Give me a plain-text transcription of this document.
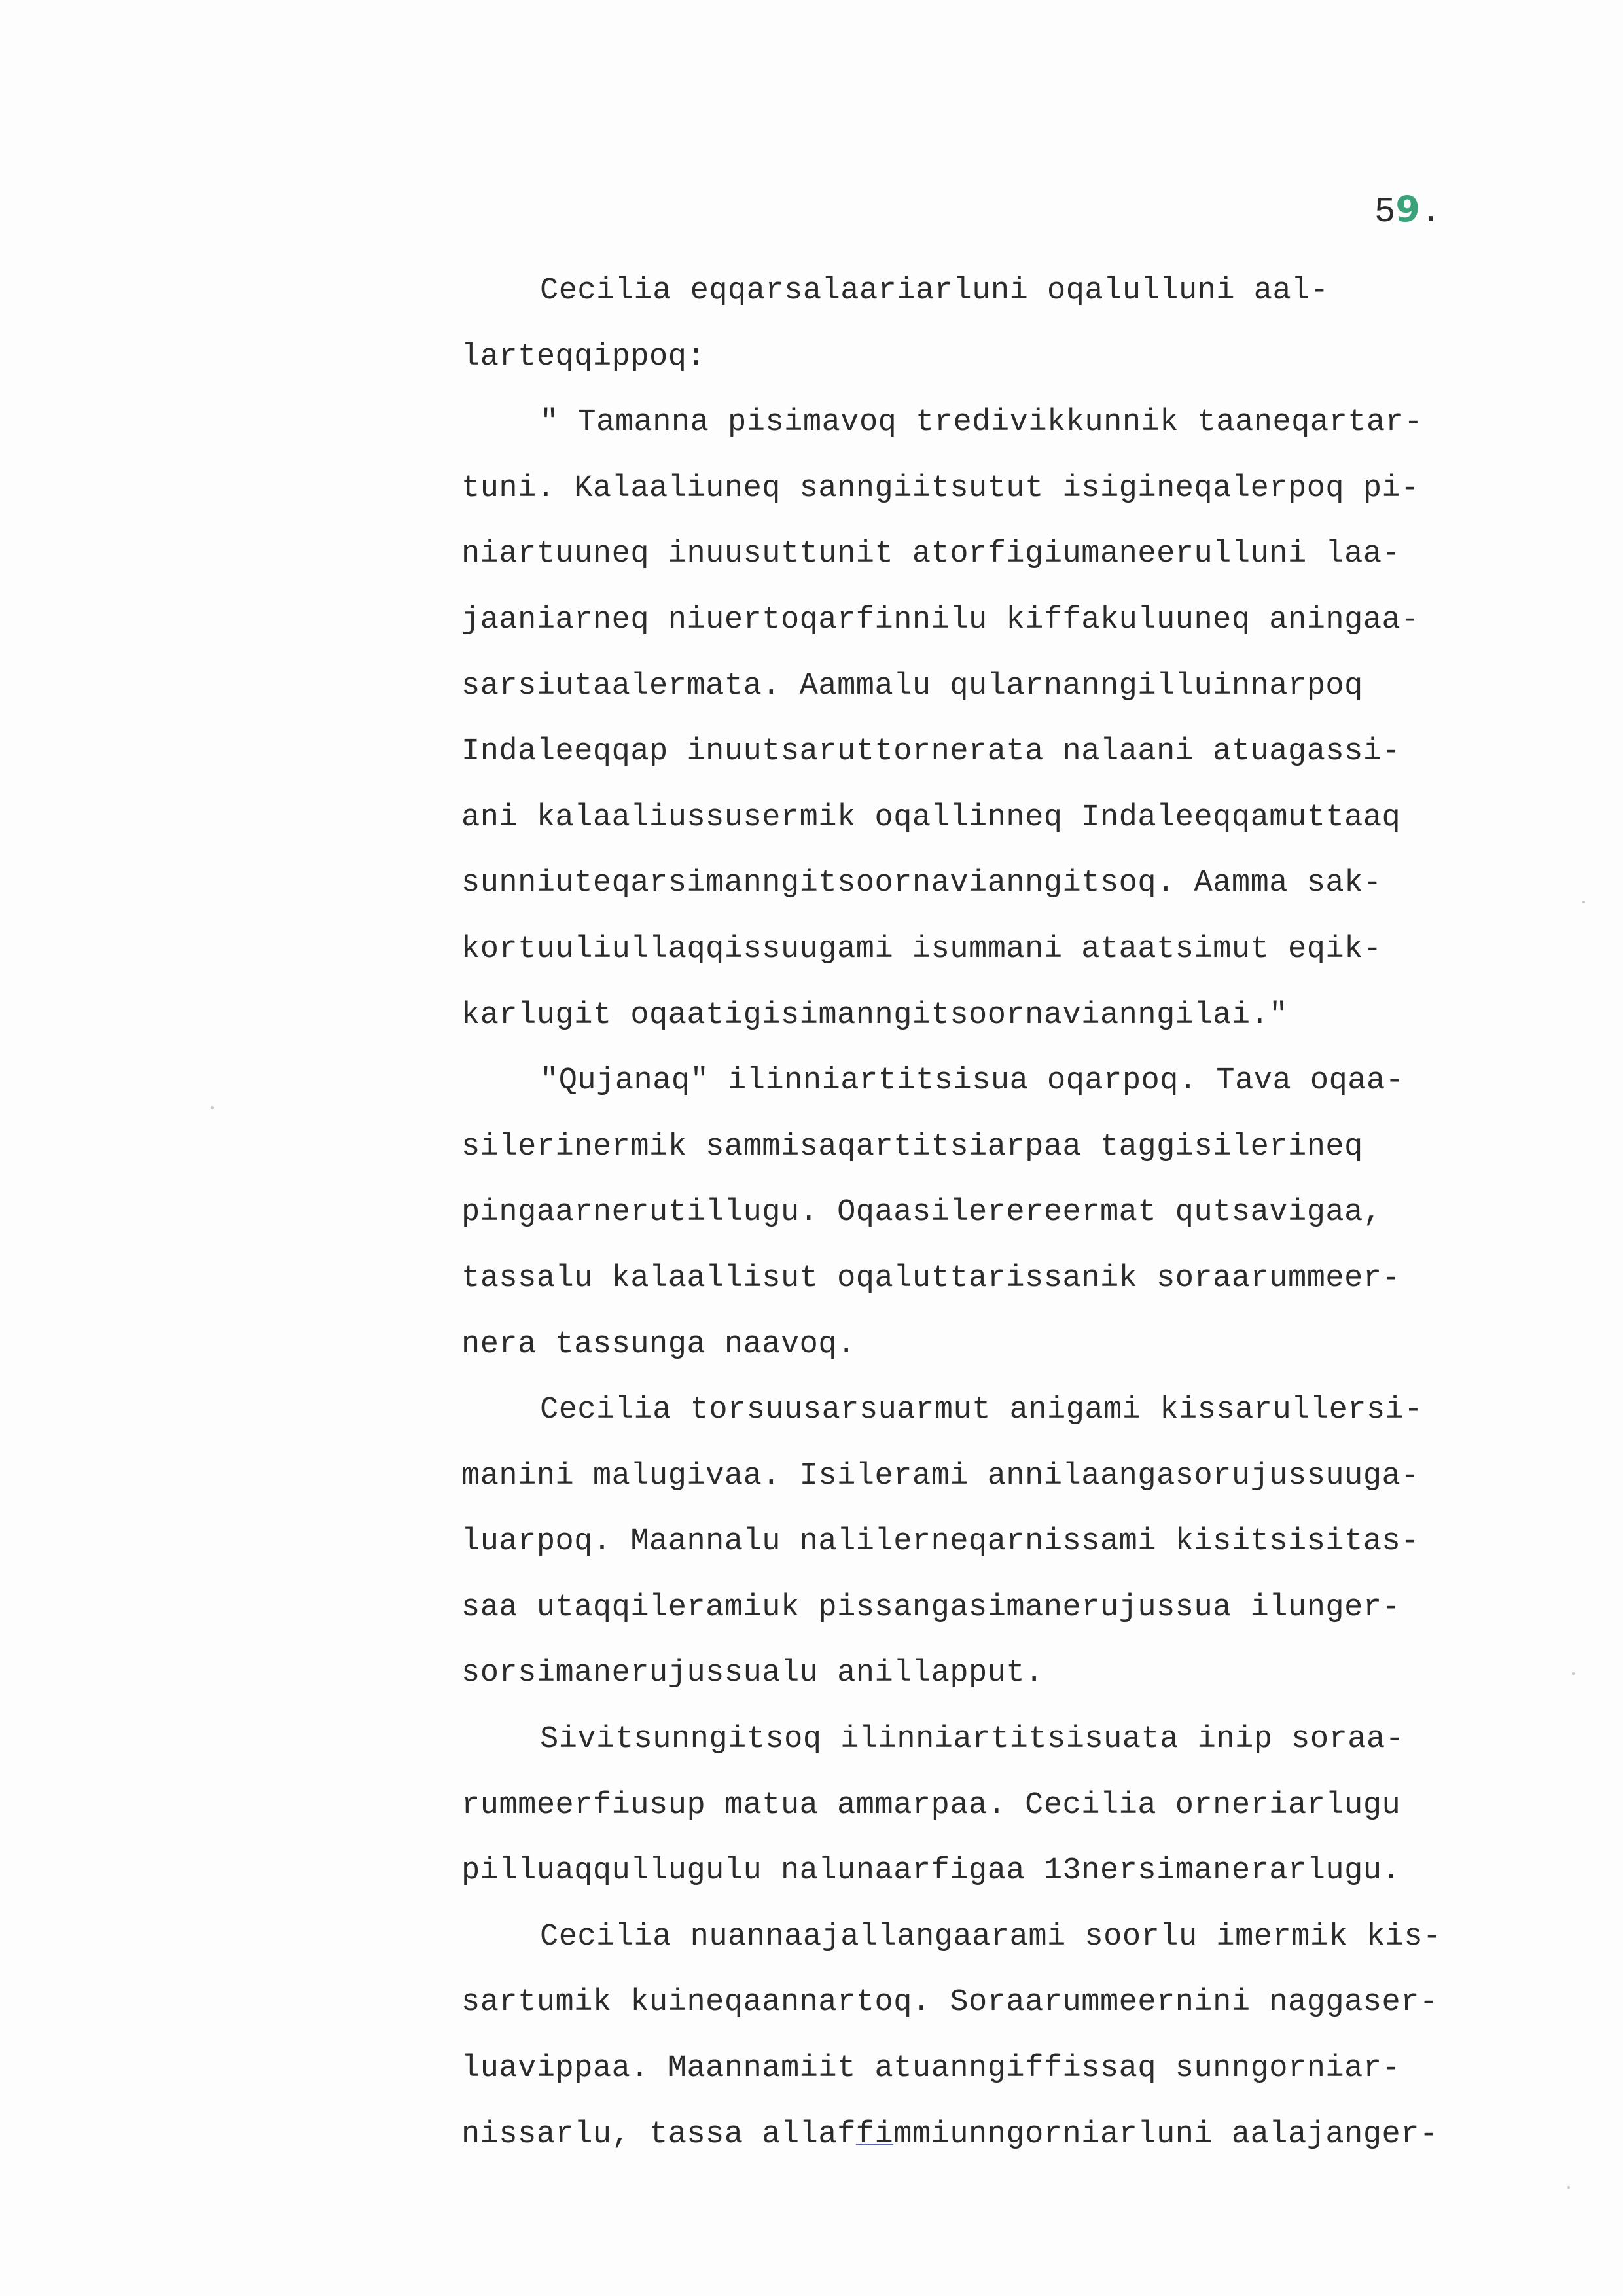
59.
Cecilia eqqarsalaariarluni oqalulluni aal-
larteqqippoq:
" Tamanna pisimavoq tredivikkunnik taaneqartar-
tuni. Kalaaliuneq sanngiitsutut isigineqalerpoq pi-
niartuuneq inuusuttunit atorfigiumaneerulluni laa-
jaaniarneq niuertoqarfinnilu kiffakuluuneq aningaa-
sarsiutaalermata. Aammalu qularnanngilluinnarpoq
Indaleeqqap inuutsaruttornerata nalaani atuagassi-
ani kalaaliussusermik oqallinneq Indaleeqqamuttaaq
sunniuteqarsimanngitsoornavianngitsoq. Aamma sak-
kortuuliullaqqissuugami isummani ataatsimut eqik-
karlugit oqaatigisimanngitsoornavianngilai."
"Qujanaq" ilinniartitsisua oqarpoq. Tava oqaa-
silerinermik sammisaqartitsiarpaa taggisilerineq
pingaarnerutillugu. Oqaasilerereermat qutsavigaa,
tassalu kalaallisut oqaluttarissanik soraarummeer-
nera tassunga naavoq.
Cecilia torsuusarsuarmut anigami kissarullersi-
manini malugivaa. Isilerami annilaangasorujussuuga-
luarpoq. Maannalu nalilerneqarnissami kisitsisitas-
saa utaqqileramiuk pissangasimanerujussua ilunger-
sorsimanerujussualu anillapput.
Sivitsunngitsoq ilinniartitsisuata inip soraa-
rummeerfiusup matua ammarpaa. Cecilia orneriarlugu
pilluaqqullugulu nalunaarfigaa 13nersimanerarlugu.
Cecilia nuannaajallangaarami soorlu imermik kis-
sartumik kuineqaannartoq. Soraarummeernini naggaser-
luavippaa. Maannamiit atuanngiffissaq sunngorniar-
nissarlu, tassa allaffimmiunngorniarluni aalajanger-
